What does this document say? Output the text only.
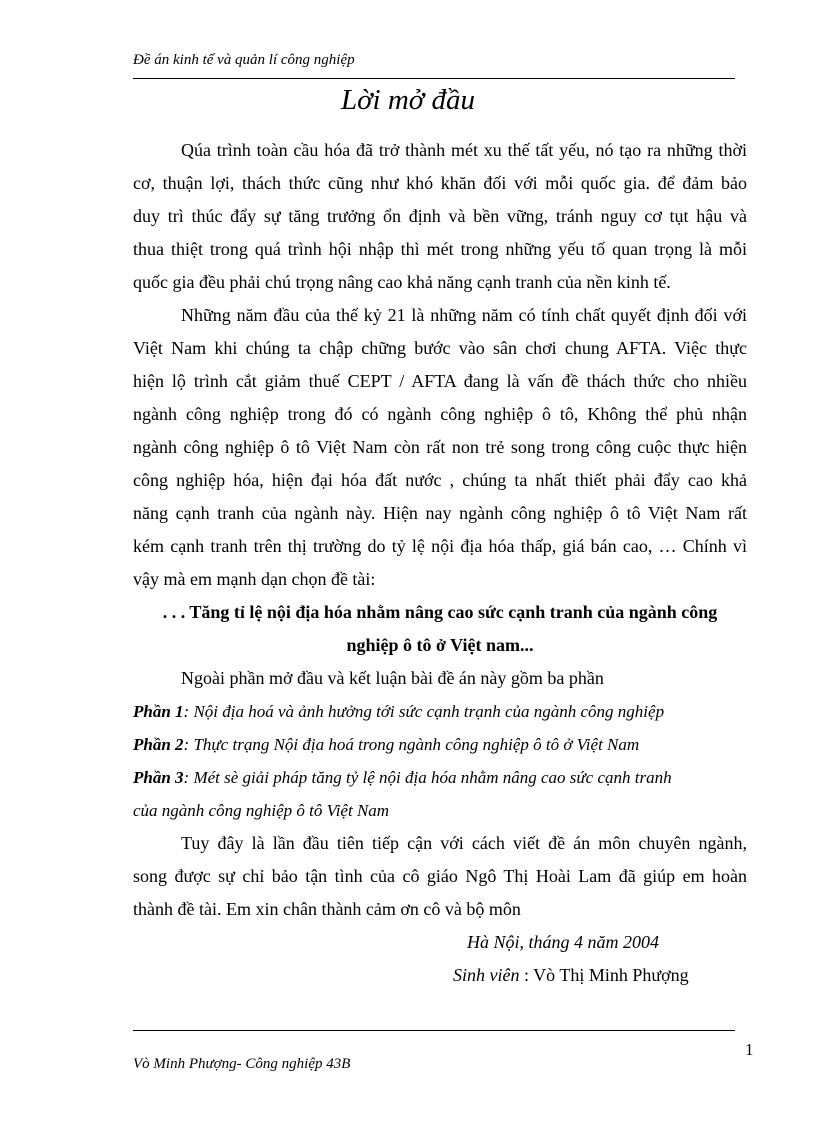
Đề án kinh tế và quản lí công nghiệp
Lời mở đầu

Qúa trình toàn cầu hóa đã trở thành mét xu thế tất yếu, nó tạo ra những thời

cơ, thuận lợi, thách thức cũng như khó khăn đối với mỗi quốc gia. để đảm bảo

duy trì thúc đẩy sự tăng trưởng ổn định và bền vững, tránh nguy cơ tụt hậu và

thua thiệt trong quá trình hội nhập thì mét trong những yếu tố quan trọng là mỗi

quốc gia đều phải chú trọng nâng cao khả năng cạnh tranh của nền kinh tế.

Những năm đầu của thế kỷ 21 là những năm có tính chất quyết định đối với

Việt Nam khi chúng ta chập chững bước vào sân chơi chung AFTA. Việc thực

hiện lộ trình cắt giảm thuế CEPT / AFTA đang là vấn đề thách thức cho nhiều

ngành công nghiệp trong đó có ngành công nghiệp ô tô, Không thể phủ nhận

ngành công nghiệp ô tô Việt Nam còn rất non trẻ song trong công cuộc thực hiện

công nghiệp hóa, hiện đại hóa đất nước , chúng ta nhất thiết phải đẩy cao khả

năng cạnh tranh của ngành này. Hiện nay ngành công nghiệp ô tô Việt Nam rất

kém cạnh tranh trên thị trường do tỷ lệ nội địa hóa thấp, giá bán cao, … Chính vì

vậy mà em mạnh dạn chọn đề tài:

. . . Tăng tỉ lệ nội địa hóa nhằm nâng cao sức cạnh tranh của ngành công

nghiệp ô tô ở Việt nam...

Ngoài phần mở đầu và kết luận bài đề án này gồm ba phần

Phần 1: Nội địa hoá và ảnh hưởng tới sức cạnh trạnh của ngành công nghiệp

Phần 2: Thực trạng Nội địa hoá trong ngành công nghiệp ô tô ở Việt Nam

Phần 3: Mét sè giải pháp tăng tỷ lệ nội địa hóa nhằm nâng cao sức cạnh tranh

của ngành công nghiệp ô tô Việt Nam

Tuy đây là lần đầu tiên tiếp cận với cách viết đề án môn chuyên ngành,

song được sự chỉ bảo tận tình của cô giáo Ngô Thị Hoài Lam đã giúp em hoàn

thành đề tài. Em xin chân thành cảm ơn cô và bộ môn

Hà Nội, tháng 4 năm 2004

Sinh viên : Vò Thị Minh Phượng

1
Vò Minh Phượng- Công nghiệp 43B
